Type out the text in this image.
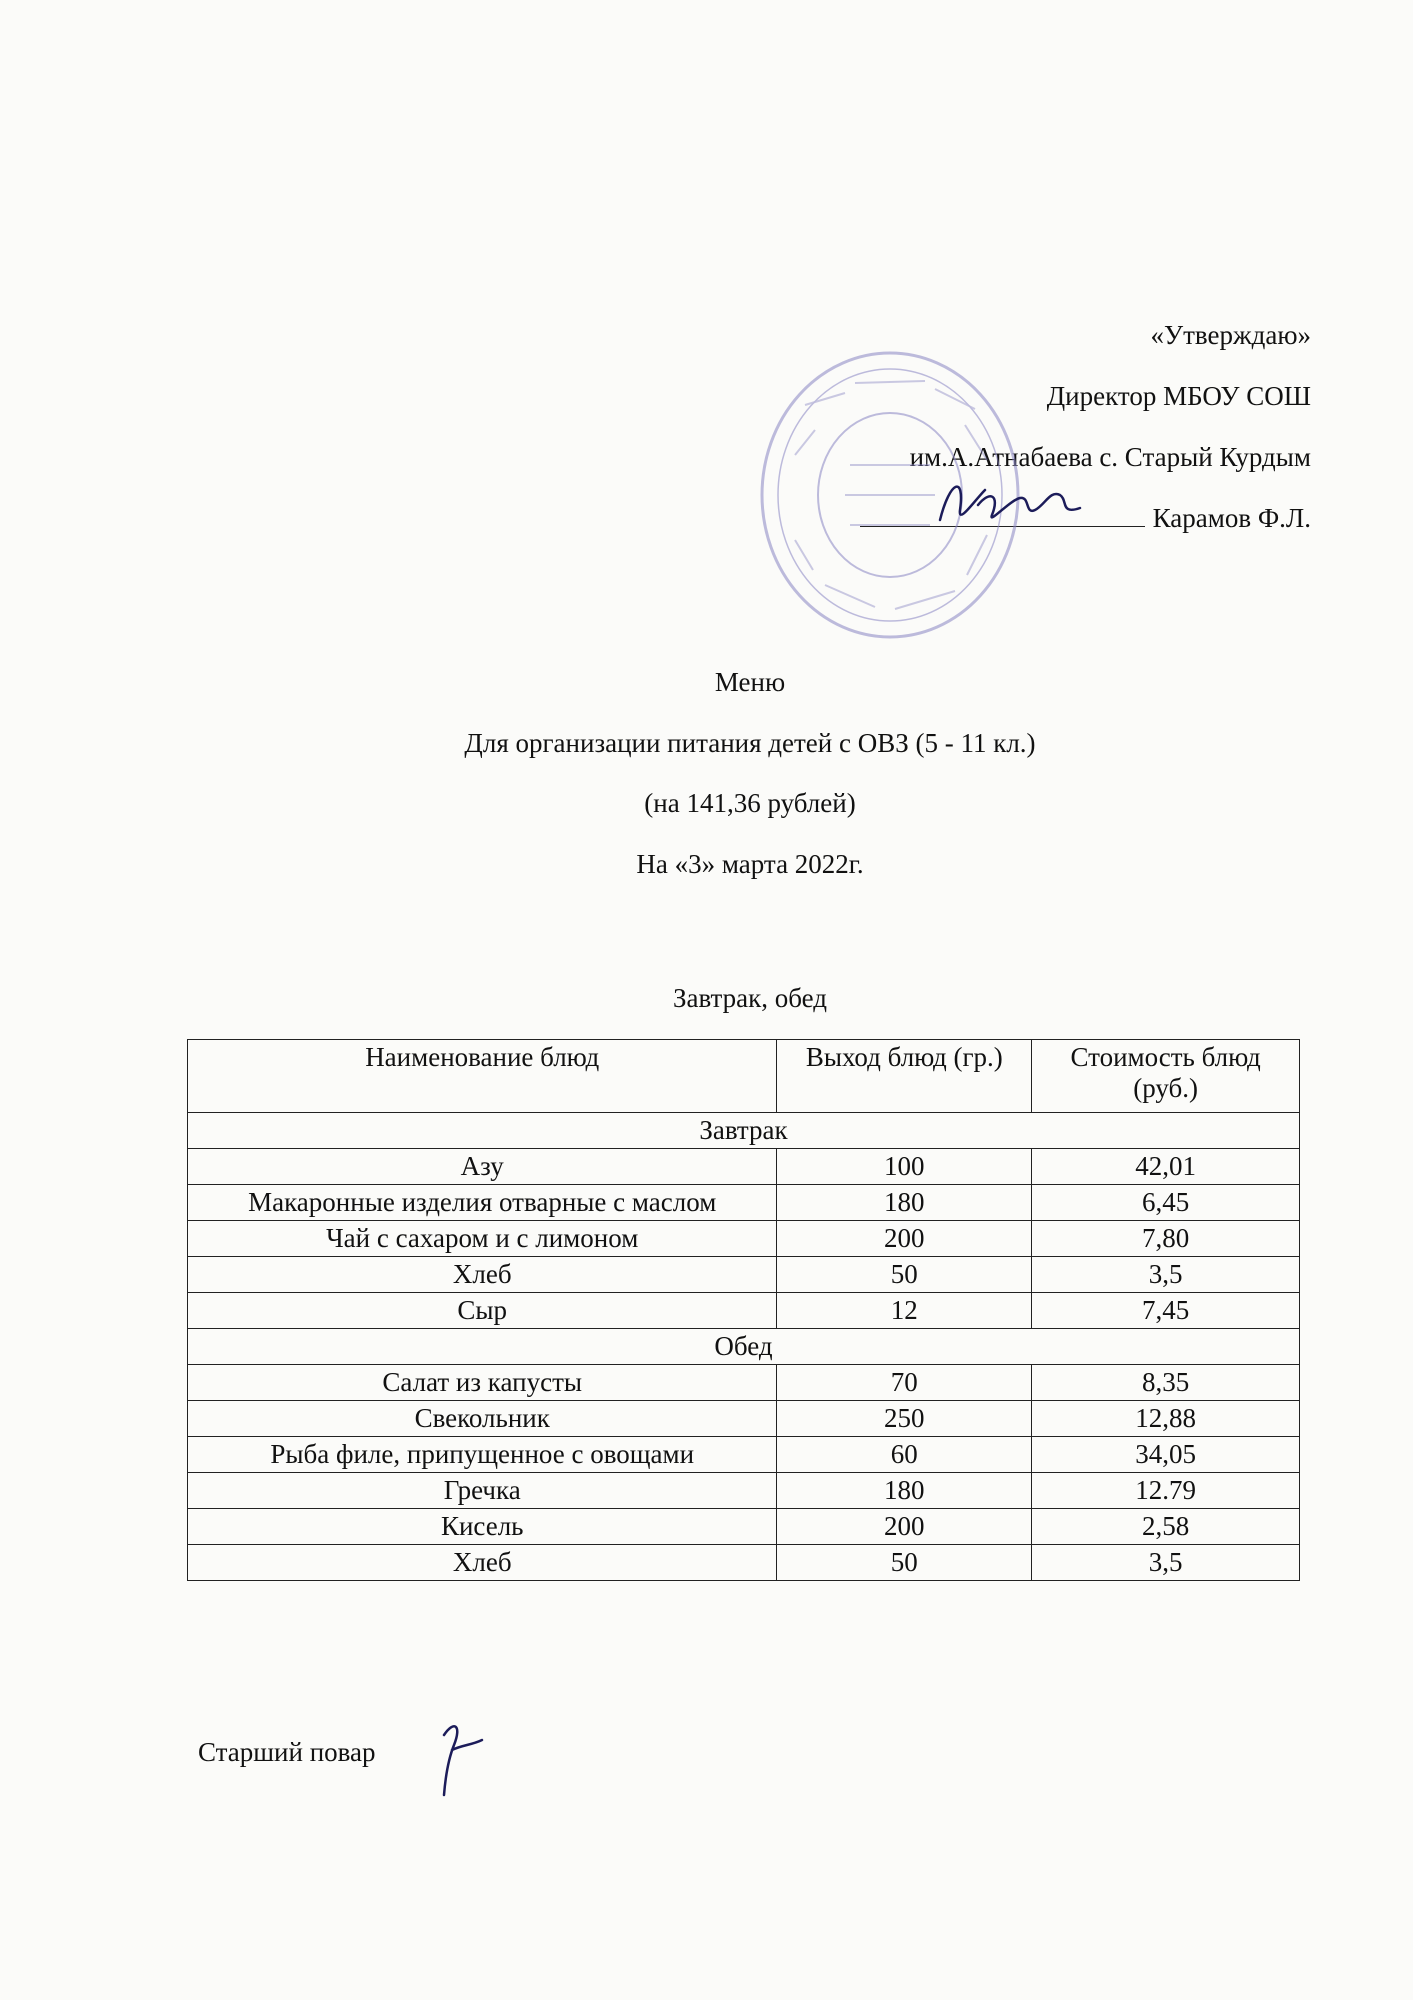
«Утверждаю»
Директор МБОУ СОШ
им.А.Атнабаева с. Старый Курдым
Карамов Ф.Л.
Меню
Для организации питания детей с ОВЗ (5 - 11 кл.)
(на 141,36 рублей)
На «3» марта 2022г.
Завтрак, обед
Наименование блюд	Выход блюд (гр.)	Стоимость блюд (руб.)
Завтрак		
Азу	100	42,01
Макаронные изделия отварные с маслом	180	6,45
Чай с сахаром и с лимоном	200	7,80
Хлеб	50	3,5
Сыр	12	7,45
Обед		
Салат из капусты	70	8,35
Свекольник	250	12,88
Рыба филе, припущенное с овощами	60	34,05
Гречка	180	12.79
Кисель	200	2,58
Хлеб	50	3,5
Старший повар
